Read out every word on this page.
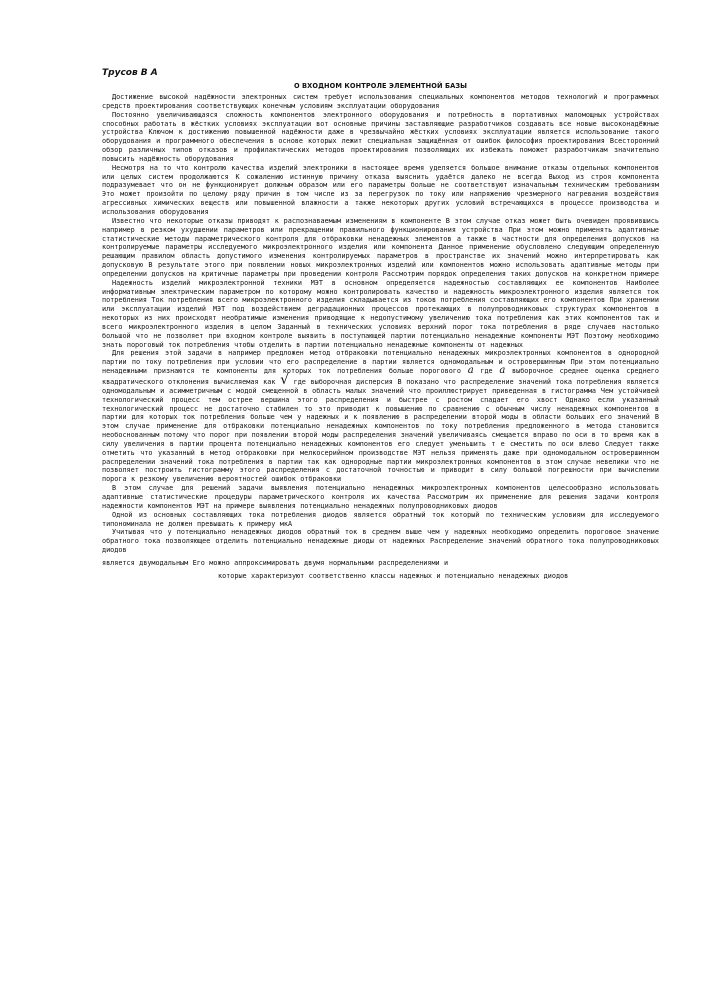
Трусов В А
О ВХОДНОМ КОНТРОЛЕ ЭЛЕМЕНТНОЙ БАЗЫ

Достижение высокой надёжности электронных систем требует использования специальных компонентов методов технологий и программных средств проектирования соответствующих конечным условиям эксплуатации оборудования

Постоянно увеличивающаяся сложность компонентов электронного оборудования и потребность в портативных маломощных устройствах способных работать в жёстких условиях эксплуатации вот основные причины заставляющие разработчиков создавать все новые высоконадёжные устройства Ключом к достижению повышенной надёжности даже в чрезвычайно жёстких условиях эксплуатации является использование такого оборудования и программного обеспечения в основе которых лежит специальная защищённая от ошибок философия проектирования Всесторонний обзор различных типов отказов и профилактических методов проектирования позволяющих их избежать поможет разработчикам значительно повысить надёжность оборудования

Несмотря на то что контролю качества изделий электроники в настоящее время уделяется большое внимание отказы отдельных компонентов или целых систем продолжаются К сожалению истинную причину отказа выяснить удаётся далеко не всегда Выход из строя компонента подразумевает что он не функционирует должным образом или его параметры больше не соответствуют изначальным техническим требованиям Это может произойти по целому ряду причин в том числе из за перегрузок по току или напряжению чрезмерного нагревания воздействия агрессивных химических веществ или повышенной влажности а также некоторых других условий встречающихся в процессе производства и использования оборудования

Известно что некоторые отказы приводят к распознаваемым изменениям в компоненте В этом случае отказ может быть очевиден проявившись например в резком ухудшении параметров или прекращении правильного функционирования устройства При этом можно применять адаптивные статистические методы параметрического контроля для отбраковки ненадежных элементов а также в частности для определения допусков на контролируемые параметры исследуемого микроэлектронного изделия или компонента Данное применение обусловлено следующим определенную решающим правилом область допустимого изменения контролируемых параметров в пространстве их значений можно интерпретировать как допусковую В результате этого при появлении новых микроэлектронных изделий или компонентов можно использовать адаптивные методы при определении допусков на критичные параметры при проведении контроля Рассмотрим порядок определения таких допусков на конкретном примере

Надежность изделий микроэлектронной техники МЭТ в основном определяется надежностью составляющих ее компонентов Наиболее информативным электрическим параметром по которому можно контролировать качество и надежность микроэлектронного изделия является ток потребления Ток потребления всего микроэлектронного изделия складывается из токов потребления составляющих его компонентов При хранении или эксплуатации изделий МЭТ под воздействием деградационных процессов протекающих в полупроводниковых структурах компонентов в некоторых из них происходят необратимые изменения приводящие к недопустимому увеличению тока потребления как этих компонентов так и всего микроэлектронного изделия в целом Заданный в технических условиях верхний порог тока потребления в ряде случаев настолько большой что не позволяет при входном контроле выявить в поступающей партии потенциально ненадежные компоненты МЭТ Поэтому необходимо знать пороговый ток потребления чтобы отделить в партии потенциально ненадежные компоненты от надежных

Для решения этой задачи в например предложен метод отбраковки потенциально ненадежных микроэлектронных компонентов в однородной партии по току потребления при условии что его распределение в партии является одномодальным и островершинным При этом потенциально ненадежными признаются те компоненты для которых ток потребления больше порогового a где a выборочное среднее оценка среднего квадратического отклонения вычисляемая как √ где выборочная дисперсия В показано что распределение значений тока потребления является одномодальным и асимметричным с модой смещенной в область малых значений что проиллюстрирует приведенная в гистограмма Чем устойчивей технологический процесс тем острее вершина этого распределения и быстрее с ростом спадает его хвост Однако если указанный технологический процесс не достаточно стабилен то это приводит к повышению по сравнению с обычным числу ненадежных компонентов в партии для которых ток потребления больше чем у надежных и к появлению в распределении второй моды в области больших его значений В этом случае применение для отбраковки потенциально ненадежных компонентов по току потребления предложенного в метода становится необоснованным потому что порог при появлении второй моды распределения значений увеличиваясь смещается вправо по оси в то время как в силу увеличения в партии процента потенциально ненадежных компонентов его следует уменьшить т е сместить по оси влево Следует также отметить что указанный в метод отбраковки при мелкосерийном производстве МЭТ нельзя применять даже при одномодальном островершинном распределении значений тока потребления в партии так как однородные партии микроэлектронных компонентов в этом случае невелики что не позволяет построить гистограмму этого распределения с достаточной точностью и приводит в силу большой погрешности при вычислении порога к резкому увеличению вероятностей ошибок отбраковки

В этом случае для решений задачи выявления потенциально ненадежных микроэлектронных компонентов целесообразно использовать адаптивные статистические процедуры параметрического контроля их качества Рассмотрим их применение для решения задачи контроля надежности компонентов МЭТ на примере выявления потенциально ненадежных полупроводниковых диодов

Одной из основных составляющих тока потребления диодов является обратный ток который по техническим условиям для исследуемого типономинала не должен превышать к примеру мкА

Учитывая что у потенциально ненадежных диодов обратный ток в среднем выше чем у надежных необходимо определить пороговое значение обратного тока позволяющее отделить потенциально ненадежные диоды от надежных Распределение значений обратного тока полупроводниковых диодов

является двумодальным Его можно аппроксимировать двумя нормальными распределениями и

которые характеризуют соответственно классы надежных и потенциально ненадежных диодов
